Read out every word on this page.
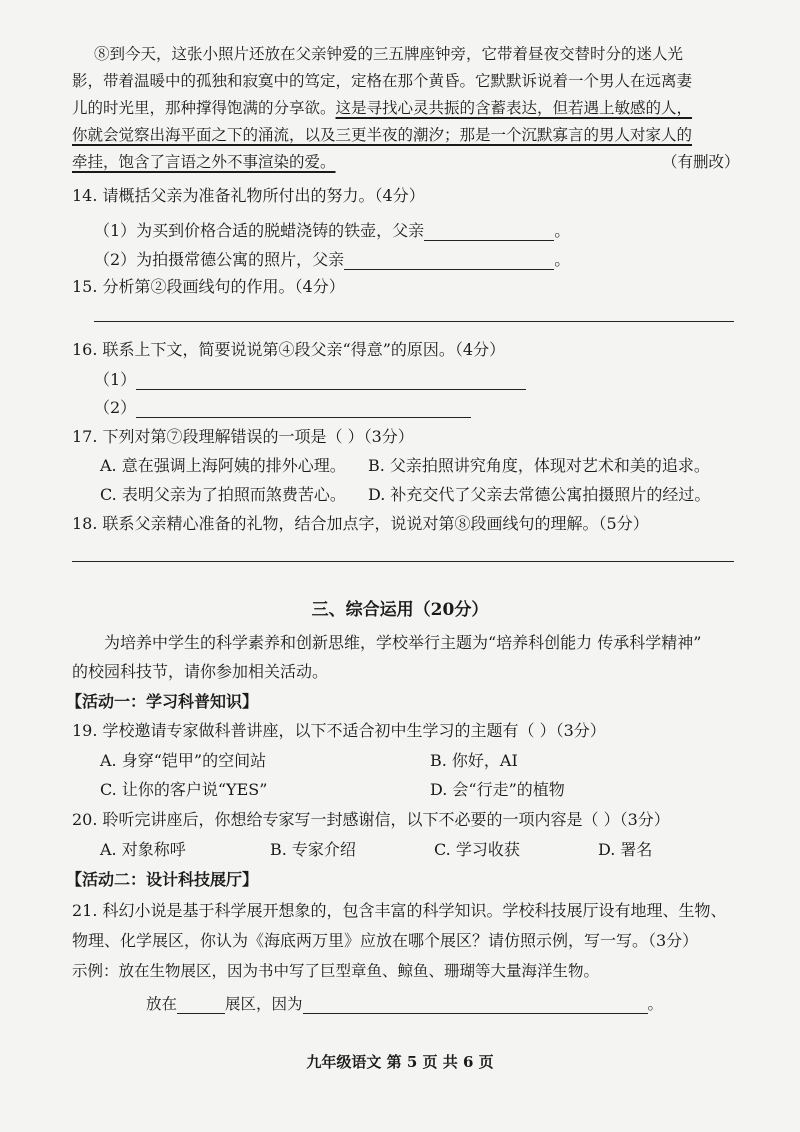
⑧到今天，这张小照片还放在父亲钟爱的三五牌座钟旁，它带着昼夜交替时分的迷人光
影，带着温暖中的孤独和寂寞中的笃定，定格在那个黄昏。它默默诉说着一个男人在远离妻
儿的时光里，那种撑得饱满的分享欲。这是寻找心灵共振的含蓄表达，但若遇上敏感的人，
你就会觉察出海平面之下的涌流，以及三更半夜的潮汐；那是一个沉默寡言的男人对家人的
牵挂，饱含了言语之外不事渲染的爱。	（有删改）
14. 请概括父亲为准备礼物所付出的努力。（4分）
（1）为买到价格合适的脱蜡浇铸的铁壶，父亲	。
（2）为拍摄常德公寓的照片，父亲	。
15. 分析第②段画线句的作用。（4分）
16. 联系上下文，简要说说第④段父亲“得意”的原因。（4分）
（1）
（2）
17. 下列对第⑦段理解错误的一项是（ ）（3分）
A. 意在强调上海阿姨的排外心理。 B. 父亲拍照讲究角度，体现对艺术和美的追求。
C. 表明父亲为了拍照而煞费苦心。 D. 补充交代了父亲去常德公寓拍摄照片的经过。
18. 联系父亲精心准备的礼物，结合加点字，说说对第⑧段画线句的理解。（5分）
三、综合运用（20分）
为培养中学生的科学素养和创新思维，学校举行主题为“培养科创能力 传承科学精神”
的校园科技节，请你参加相关活动。
【活动一：学习科普知识】
19. 学校邀请专家做科普讲座，以下不适合初中生学习的主题有（ ）（3分）
A. 身穿“铠甲”的空间站	B. 你好，AI
C. 让你的客户说“YES”	D. 会“行走”的植物
20. 聆听完讲座后，你想给专家写一封感谢信，以下不必要的一项内容是（ ）（3分）
A. 对象称呼	B. 专家介绍	C. 学习收获	D. 署名
【活动二：设计科技展厅】
21. 科幻小说是基于科学展开想象的，包含丰富的科学知识。学校科技展厅设有地理、生物、
物理、化学展区，你认为《海底两万里》应放在哪个展区？请仿照示例，写一写。（3分）
示例：放在生物展区，因为书中写了巨型章鱼、鲸鱼、珊瑚等大量海洋生物。
放在	展区，因为	。
九年级语文 第 5 页 共 6 页
